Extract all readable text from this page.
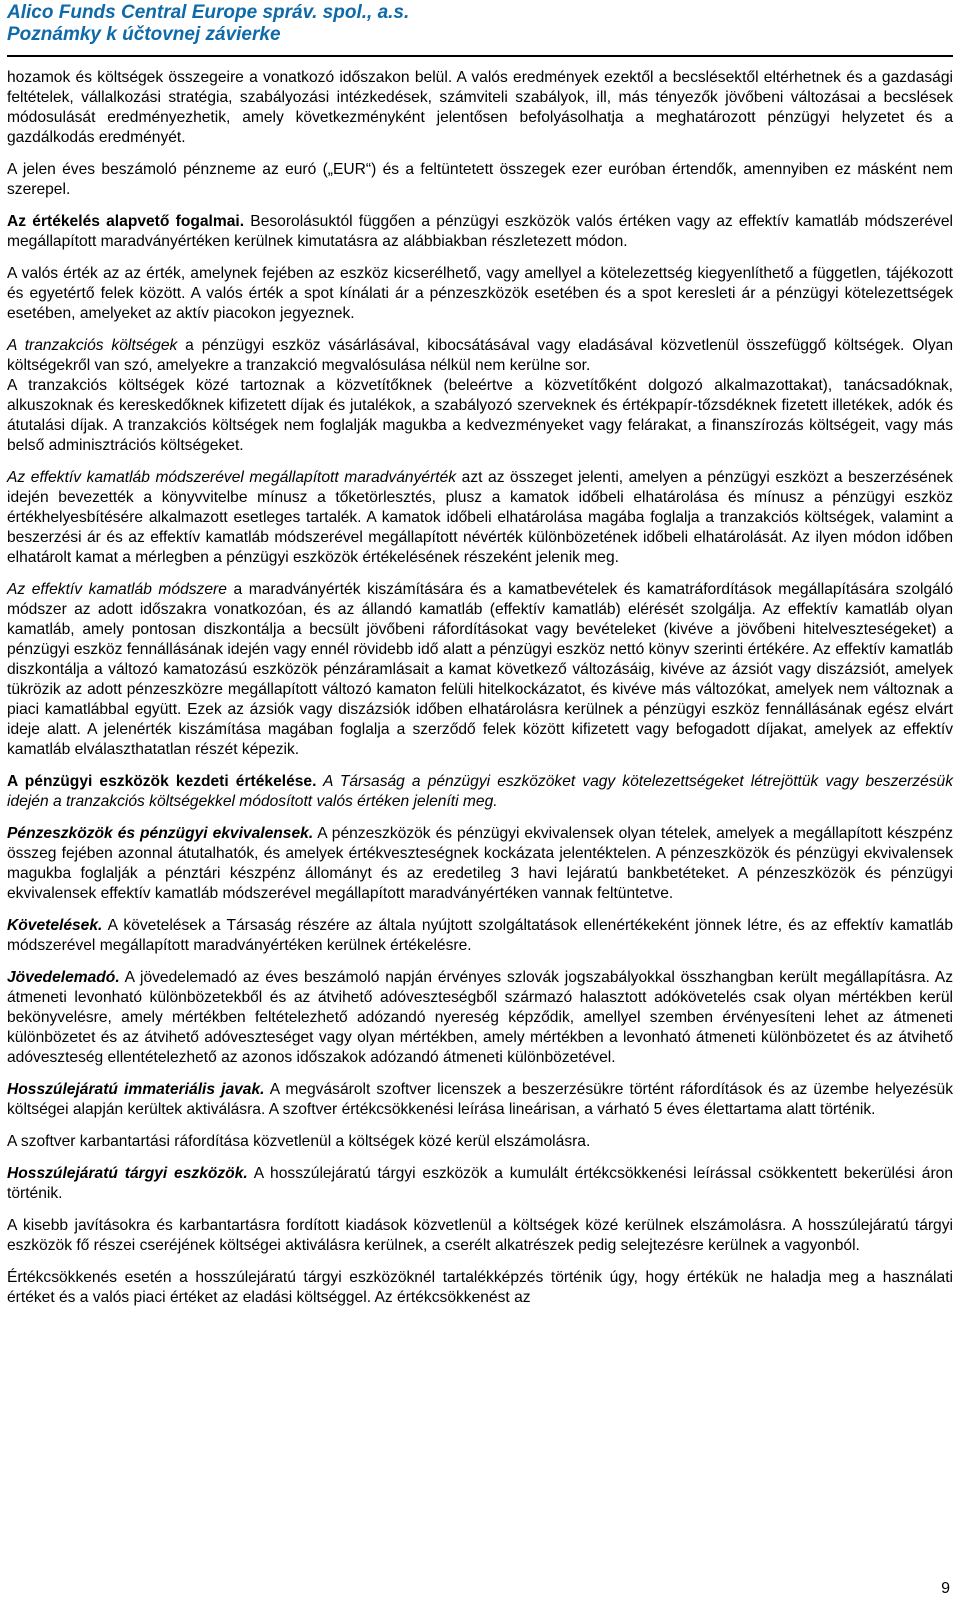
Alico Funds Central Europe správ. spol., a.s.
Poznámky k účtovnej závierke

hozamok és költségek összegeire a vonatkozó időszakon belül. A valós eredmények ezektől a becslésektől eltérhetnek és a gazdasági feltételek, vállalkozási stratégia, szabályozási intézkedések, számviteli szabályok, ill, más tényezők jövőbeni változásai a becslések módosulását eredményezhetik, amely következményként jelentősen befolyásolhatja a meghatározott pénzügyi helyzetet és a gazdálkodás eredményét.

A jelen éves beszámoló pénzneme az euró („EUR“) és a feltüntetett összegek ezer euróban értendők, amennyiben ez másként nem szerepel.

Az értékelés alapvető fogalmai. Besorolásuktól függően a pénzügyi eszközök valós értéken vagy az effektív kamatláb módszerével megállapított maradványértéken kerülnek kimutatásra az alábbiakban részletezett módon.

A valós érték az az érték, amelynek fejében az eszköz kicserélhető, vagy amellyel a kötelezettség kiegyenlíthető a független, tájékozott és egyetértő felek között. A valós érték a spot kínálati ár a pénzeszközök esetében és a spot keresleti ár a pénzügyi kötelezettségek esetében, amelyeket az aktív piacokon jegyeznek.

A tranzakciós költségek a pénzügyi eszköz vásárlásával, kibocsátásával vagy eladásával közvetlenül összefüggő költségek. Olyan költségekről van szó, amelyekre a tranzakció megvalósulása nélkül nem kerülne sor.

A tranzakciós költségek közé tartoznak a közvetítőknek (beleértve a közvetítőként dolgozó alkalmazottakat), tanácsadóknak, alkuszoknak és kereskedőknek kifizetett díjak és jutalékok, a szabályozó szerveknek és értékpapír-tőzsdéknek fizetett illetékek, adók és átutalási díjak. A tranzakciós költségek nem foglalják magukba a kedvezményeket vagy felárakat, a finanszírozás költségeit, vagy más belső adminisztrációs költségeket.

Az effektív kamatláb módszerével megállapított maradványérték azt az összeget jelenti, amelyen a pénzügyi eszközt a beszerzésének idején bevezették a könyvvitelbe mínusz a tőketörlesztés, plusz a kamatok időbeli elhatárolása és mínusz a pénzügyi eszköz értékhelyesbítésére alkalmazott esetleges tartalék. A kamatok időbeli elhatárolása magába foglalja a tranzakciós költségek, valamint a beszerzési ár és az effektív kamatláb módszerével megállapított névérték különbözetének időbeli elhatárolását. Az ilyen módon időben elhatárolt kamat a mérlegben a pénzügyi eszközök értékelésének részeként jelenik meg.

Az effektív kamatláb módszere a maradványérték kiszámítására és a kamatbevételek és kamatráfordítások megállapítására szolgáló módszer az adott időszakra vonatkozóan, és az állandó kamatláb (effektív kamatláb) elérését szolgálja. Az effektív kamatláb olyan kamatláb, amely pontosan diszkontálja a becsült jövőbeni ráfordításokat vagy bevételeket (kivéve a jövőbeni hitelveszteségeket) a pénzügyi eszköz fennállásának idején vagy ennél rövidebb idő alatt a pénzügyi eszköz nettó könyv szerinti értékére. Az effektív kamatláb diszkontálja a változó kamatozású eszközök pénzáramlásait a kamat következő változásáig, kivéve az ázsiót vagy diszázsiót, amelyek tükrözik az adott pénzeszközre megállapított változó kamaton felüli hitelkockázatot, és kivéve más változókat, amelyek nem változnak a piaci kamatlábbal együtt. Ezek az ázsiók vagy diszázsiók időben elhatárolásra kerülnek a pénzügyi eszköz fennállásának egész elvárt ideje alatt. A jelenérték kiszámítása magában foglalja a szerződő felek között kifizetett vagy befogadott díjakat, amelyek az effektív kamatláb elválaszthatatlan részét képezik.

A pénzügyi eszközök kezdeti értékelése. A Társaság a pénzügyi eszközöket vagy kötelezettségeket létrejöttük vagy beszerzésük idején a tranzakciós költségekkel módosított valós értéken jeleníti meg.

Pénzeszközök és pénzügyi ekvivalensek. A pénzeszközök és pénzügyi ekvivalensek olyan tételek, amelyek a megállapított készpénz összeg fejében azonnal átutalhatók, és amelyek értékveszteségnek kockázata jelentéktelen. A pénzeszközök és pénzügyi ekvivalensek magukba foglalják a pénztári készpénz állományt és az eredetileg 3 havi lejáratú bankbetéteket. A pénzeszközök és pénzügyi ekvivalensek effektív kamatláb módszerével megállapított maradványértéken vannak feltüntetve.

Követelések. A követelések a Társaság részére az általa nyújtott szolgáltatások ellenértékeként jönnek létre, és az effektív kamatláb módszerével megállapított maradványértéken kerülnek értékelésre.

Jövedelemadó. A jövedelemadó az éves beszámoló napján érvényes szlovák jogszabályokkal összhangban került megállapításra. Az átmeneti levonható különbözetekből és az átvihető adóveszteségből származó halasztott adókövetelés csak olyan mértékben kerül bekönyvelésre, amely mértékben feltételezhető adózandó nyereség képződik, amellyel szemben érvényesíteni lehet az átmeneti különbözetet és az átvihető adóveszteséget vagy olyan mértékben, amely mértékben a levonható átmeneti különbözetet és az átvihető adóveszteség ellentételezhető az azonos időszakok adózandó átmeneti különbözetével.

Hosszúlejáratú immateriális javak. A megvásárolt szoftver licenszek a beszerzésükre történt ráfordítások és az üzembe helyezésük költségei alapján kerültek aktiválásra. A szoftver értékcsökkenési leírása lineárisan, a várható 5 éves élettartama alatt történik.

A szoftver karbantartási ráfordítása közvetlenül a költségek közé kerül elszámolásra.

Hosszúlejáratú tárgyi eszközök. A hosszúlejáratú tárgyi eszközök a kumulált értékcsökkenési leírással csökkentett bekerülési áron történik.

A kisebb javításokra és karbantartásra fordított kiadások közvetlenül a költségek közé kerülnek elszámolásra. A hosszúlejáratú tárgyi eszközök fő részei cseréjének költségei aktiválásra kerülnek, a cserélt alkatrészek pedig selejtezésre kerülnek a vagyonból.

Értékcsökkenés esetén a hosszúlejáratú tárgyi eszközöknél tartalékképzés történik úgy, hogy értékük ne haladja meg a használati értéket és a valós piaci értéket az eladási költséggel. Az értékcsökkenést az

9
